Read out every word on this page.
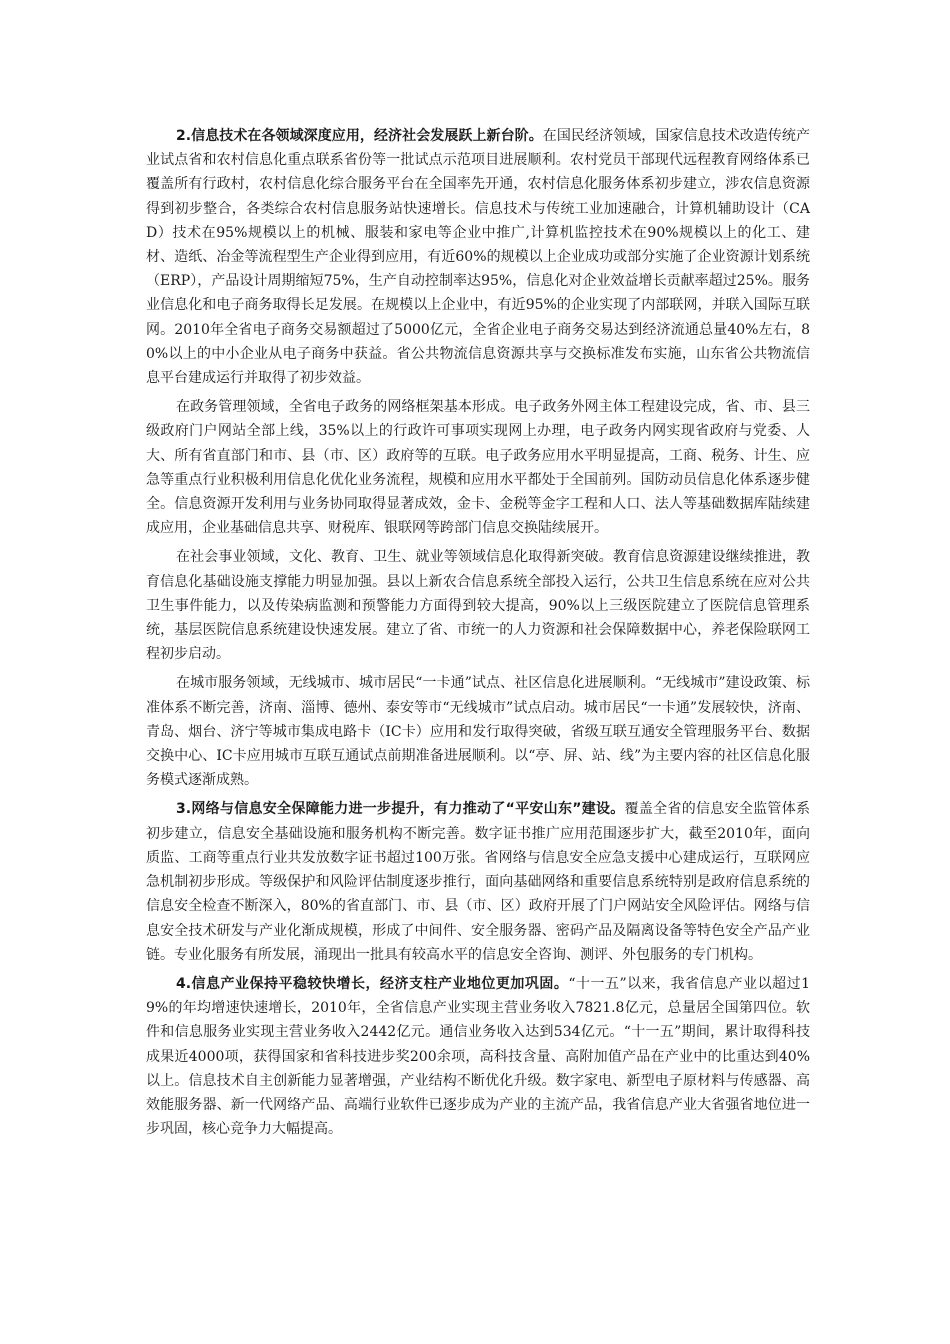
2.信息技术在各领域深度应用，经济社会发展跃上新台阶。在国民经济领域，国家信息技术改造传统产业试点省和农村信息化重点联系省份等一批试点示范项目进展顺利。农村党员干部现代远程教育网络体系已覆盖所有行政村，农村信息化综合服务平台在全国率先开通，农村信息化服务体系初步建立，涉农信息资源得到初步整合，各类综合农村信息服务站快速增长。信息技术与传统工业加速融合，计算机辅助设计（CAD）技术在95%规模以上的机械、服装和家电等企业中推广,计算机监控技术在90%规模以上的化工、建材、造纸、冶金等流程型生产企业得到应用，有近60%的规模以上企业成功或部分实施了企业资源计划系统（ERP），产品设计周期缩短75%，生产自动控制率达95%，信息化对企业效益增长贡献率超过25%。服务业信息化和电子商务取得长足发展。在规模以上企业中，有近95%的企业实现了内部联网，并联入国际互联网。2010年全省电子商务交易额超过了5000亿元，全省企业电子商务交易达到经济流通总量40%左右，80%以上的中小企业从电子商务中获益。省公共物流信息资源共享与交换标准发布实施，山东省公共物流信息平台建成运行并取得了初步效益。

在政务管理领域，全省电子政务的网络框架基本形成。电子政务外网主体工程建设完成，省、市、县三级政府门户网站全部上线，35%以上的行政许可事项实现网上办理，电子政务内网实现省政府与党委、人大、所有省直部门和市、县（市、区）政府等的互联。电子政务应用水平明显提高，工商、税务、计生、应急等重点行业积极利用信息化优化业务流程，规模和应用水平都处于全国前列。国防动员信息化体系逐步健全。信息资源开发利用与业务协同取得显著成效，金卡、金税等金字工程和人口、法人等基础数据库陆续建成应用，企业基础信息共享、财税库、银联网等跨部门信息交换陆续展开。

在社会事业领域，文化、教育、卫生、就业等领域信息化取得新突破。教育信息资源建设继续推进，教育信息化基础设施支撑能力明显加强。县以上新农合信息系统全部投入运行，公共卫生信息系统在应对公共卫生事件能力，以及传染病监测和预警能力方面得到较大提高，90%以上三级医院建立了医院信息管理系统，基层医院信息系统建设快速发展。建立了省、市统一的人力资源和社会保障数据中心，养老保险联网工程初步启动。

在城市服务领域，无线城市、城市居民“一卡通”试点、社区信息化进展顺利。“无线城市”建设政策、标准体系不断完善，济南、淄博、德州、泰安等市“无线城市”试点启动。城市居民“一卡通”发展较快，济南、青岛、烟台、济宁等城市集成电路卡（IC卡）应用和发行取得突破，省级互联互通安全管理服务平台、数据交换中心、IC卡应用城市互联互通试点前期准备进展顺利。以“亭、屏、站、线”为主要内容的社区信息化服务模式逐渐成熟。

3.网络与信息安全保障能力进一步提升，有力推动了“平安山东”建设。覆盖全省的信息安全监管体系初步建立，信息安全基础设施和服务机构不断完善。数字证书推广应用范围逐步扩大，截至2010年，面向质监、工商等重点行业共发放数字证书超过100万张。省网络与信息安全应急支援中心建成运行，互联网应急机制初步形成。等级保护和风险评估制度逐步推行，面向基础网络和重要信息系统特别是政府信息系统的信息安全检查不断深入，80%的省直部门、市、县（市、区）政府开展了门户网站安全风险评估。网络与信息安全技术研发与产业化渐成规模，形成了中间件、安全服务器、密码产品及隔离设备等特色安全产品产业链。专业化服务有所发展，涌现出一批具有较高水平的信息安全咨询、测评、外包服务的专门机构。

4.信息产业保持平稳较快增长，经济支柱产业地位更加巩固。“十一五”以来，我省信息产业以超过19%的年均增速快速增长，2010年，全省信息产业实现主营业务收入7821.8亿元，总量居全国第四位。软件和信息服务业实现主营业务收入2442亿元。通信业务收入达到534亿元。“十一五”期间，累计取得科技成果近4000项，获得国家和省科技进步奖200余项，高科技含量、高附加值产品在产业中的比重达到40%以上。信息技术自主创新能力显著增强，产业结构不断优化升级。数字家电、新型电子原材料与传感器、高效能服务器、新一代网络产品、高端行业软件已逐步成为产业的主流产品，我省信息产业大省强省地位进一步巩固，核心竞争力大幅提高。
